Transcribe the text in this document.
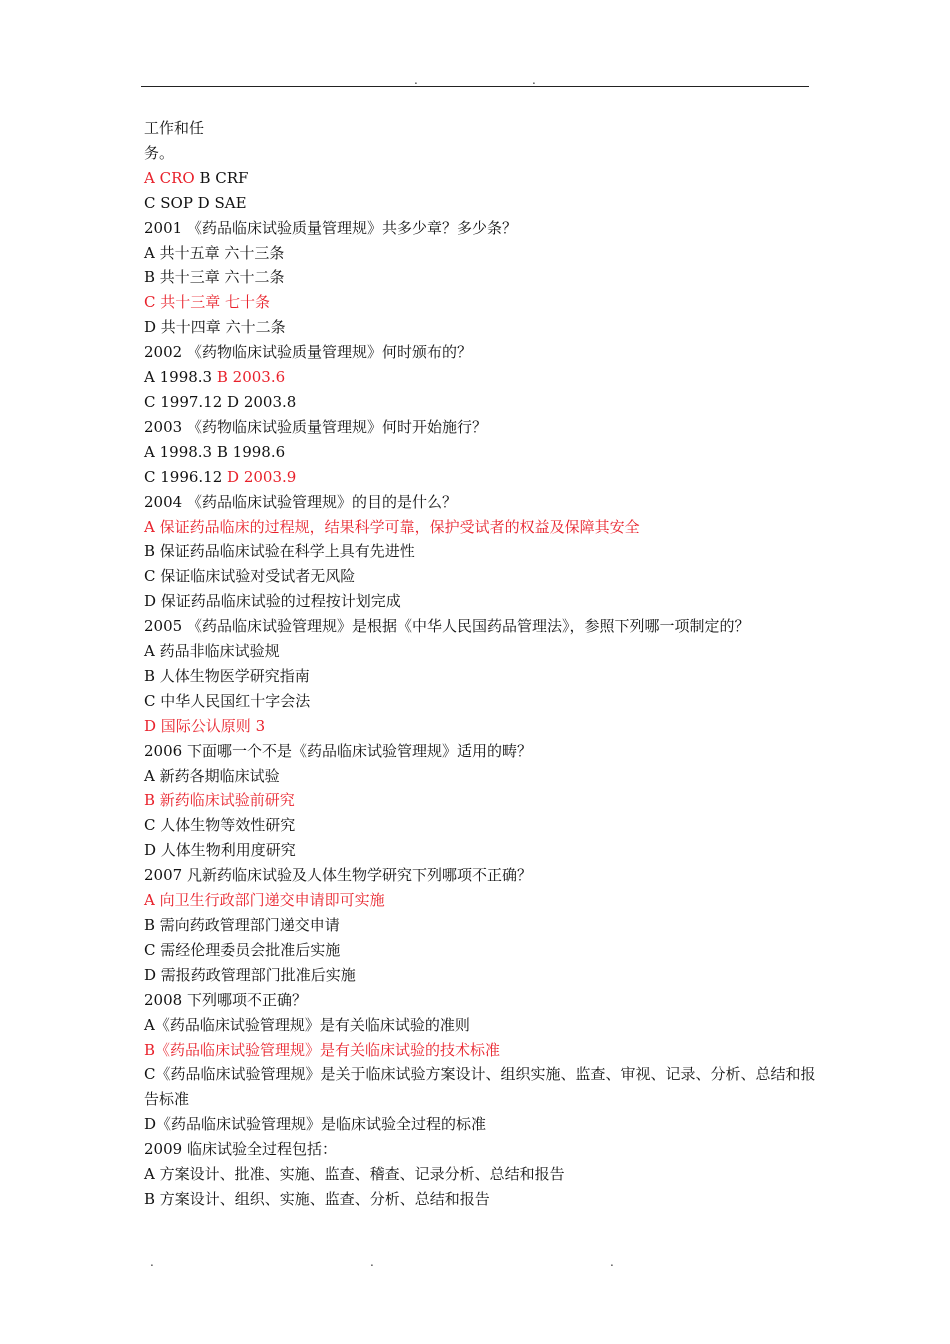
.	.
工作和任
务。
A CRO B CRF
C SOP D SAE
2001 《药品临床试验质量管理规》共多少章？多少条？
A 共十五章 六十三条
B 共十三章 六十二条
C 共十三章 七十条
D 共十四章 六十二条
2002 《药物临床试验质量管理规》何时颁布的？
A 1998.3 B 2003.6
C 1997.12 D 2003.8
2003 《药物临床试验质量管理规》何时开始施行？
A 1998.3 B 1998.6
C 1996.12 D 2003.9
2004 《药品临床试验管理规》的目的是什么？
A 保证药品临床的过程规，结果科学可靠，保护受试者的权益及保障其安全
B 保证药品临床试验在科学上具有先进性
C 保证临床试验对受试者无风险
D 保证药品临床试验的过程按计划完成
2005 《药品临床试验管理规》是根据《中华人民国药品管理法》，参照下列哪一项制定的？
A 药品非临床试验规
B 人体生物医学研究指南
C 中华人民国红十字会法
D 国际公认原则 3
2006 下面哪一个不是《药品临床试验管理规》适用的畴？
A 新药各期临床试验
B 新药临床试验前研究
C 人体生物等效性研究
D 人体生物利用度研究
2007 凡新药临床试验及人体生物学研究下列哪项不正确？
A 向卫生行政部门递交申请即可实施
B 需向药政管理部门递交申请
C 需经伦理委员会批准后实施
D 需报药政管理部门批准后实施
2008 下列哪项不正确？
A《药品临床试验管理规》是有关临床试验的准则
B《药品临床试验管理规》是有关临床试验的技术标准
C《药品临床试验管理规》是关于临床试验方案设计、组织实施、监查、审视、记录、分析、总结和报告标准
D《药品临床试验管理规》是临床试验全过程的标准
2009 临床试验全过程包括：
A 方案设计、批准、实施、监查、稽查、记录分析、总结和报告
B 方案设计、组织、实施、监查、分析、总结和报告
.	.	.
